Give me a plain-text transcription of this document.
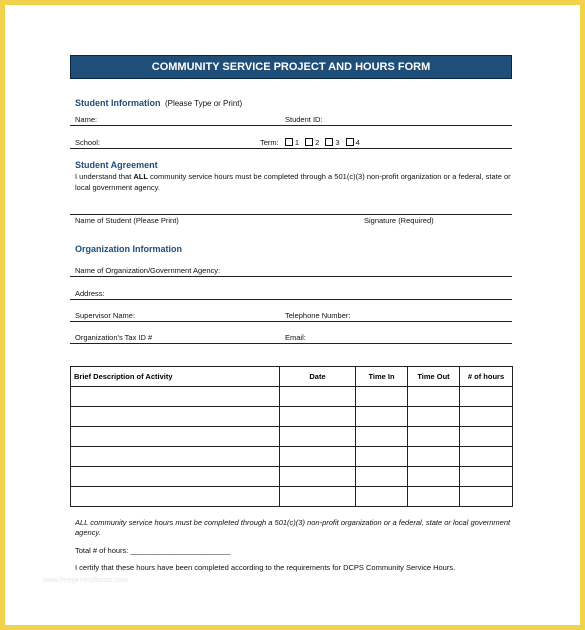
COMMUNITY SERVICE PROJECT AND HOURS FORM
Student Information (Please Type or Print)
Name:	Student ID:
School:	Term: 1 2 3 4
Student Agreement
I understand that ALL community service hours must be completed through a 501(c)(3) non-profit organization or a federal, state or local government agency.
Name of Student (Please Print)	Signature (Required)
Organization Information
Name of Organization/Government Agency:
Address:
Supervisor Name:	Telephone Number:
Organization's Tax ID #	Email:
Brief Description of Activity	Date	Time In	Time Out	# of hours

ALL community service hours must be completed through a 501(c)(3) non-profit organization or a federal, state or local government agency.
Total # of hours: ________________________
I certify that these hours have been completed according to the requirements for DCPS Community Service Hours.
www.freegeneralforms.com
